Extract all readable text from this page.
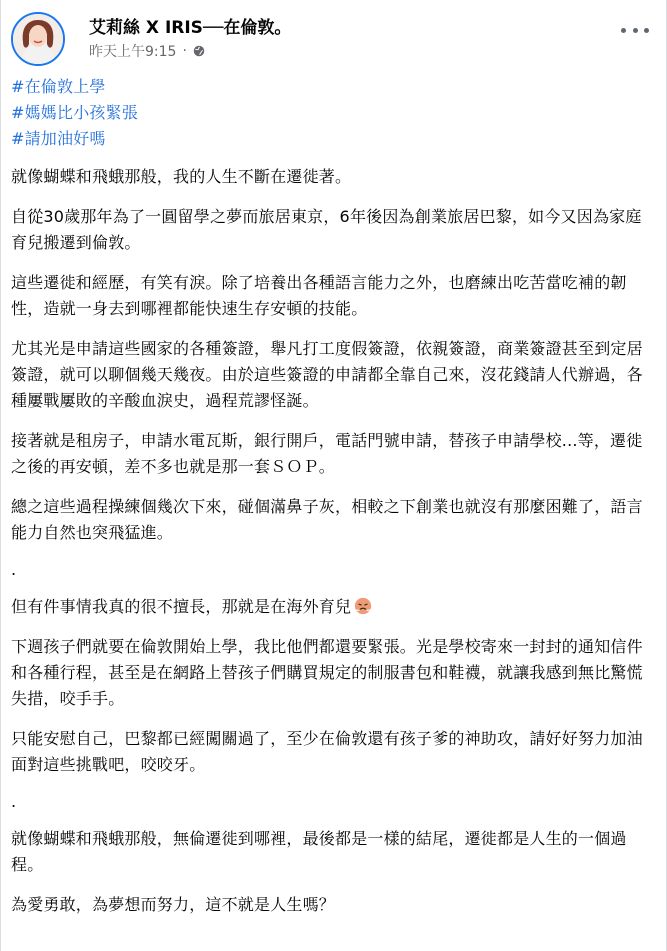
艾莉絲 X IRIS──在倫敦。
昨天上午9:15 ·
#在倫敦上學
#媽媽比小孩緊張
#請加油好嗎

就像蝴蝶和飛蛾那般，我的人生不斷在遷徙著。

自從30歲那年為了一圓留學之夢而旅居東京，6年後因為創業旅居巴黎，如今又因為家庭育兒搬遷到倫敦。

這些遷徙和經歷，有笑有淚。除了培養出各種語言能力之外，也磨練出吃苦當吃補的韌性，造就一身去到哪裡都能快速生存安頓的技能。

尤其光是申請這些國家的各種簽證，舉凡打工度假簽證，依親簽證，商業簽證甚至到定居簽證，就可以聊個幾天幾夜。由於這些簽證的申請都全靠自己來，沒花錢請人代辦過，各種屢戰屢敗的辛酸血淚史，過程荒謬怪誕。

接著就是租房子，申請水電瓦斯，銀行開戶，電話門號申請，替孩子申請學校...等，遷徙之後的再安頓，差不多也就是那一套ＳＯＰ。

總之這些過程操練個幾次下來，碰個滿鼻子灰，相較之下創業也就沒有那麼困難了，語言能力自然也突飛猛進。

.

但有件事情我真的很不擅長，那就是在海外育兒

下週孩子們就要在倫敦開始上學，我比他們都還要緊張。光是學校寄來一封封的通知信件和各種行程，甚至是在網路上替孩子們購買規定的制服書包和鞋襪，就讓我感到無比驚慌失措，咬手手。

只能安慰自己，巴黎都已經闖關過了，至少在倫敦還有孩子爹的神助攻，請好好努力加油面對這些挑戰吧，咬咬牙。

.

就像蝴蝶和飛蛾那般，無倫遷徙到哪裡，最後都是一樣的結尾，遷徙都是人生的一個過程。

為愛勇敢，為夢想而努力，這不就是人生嗎？
